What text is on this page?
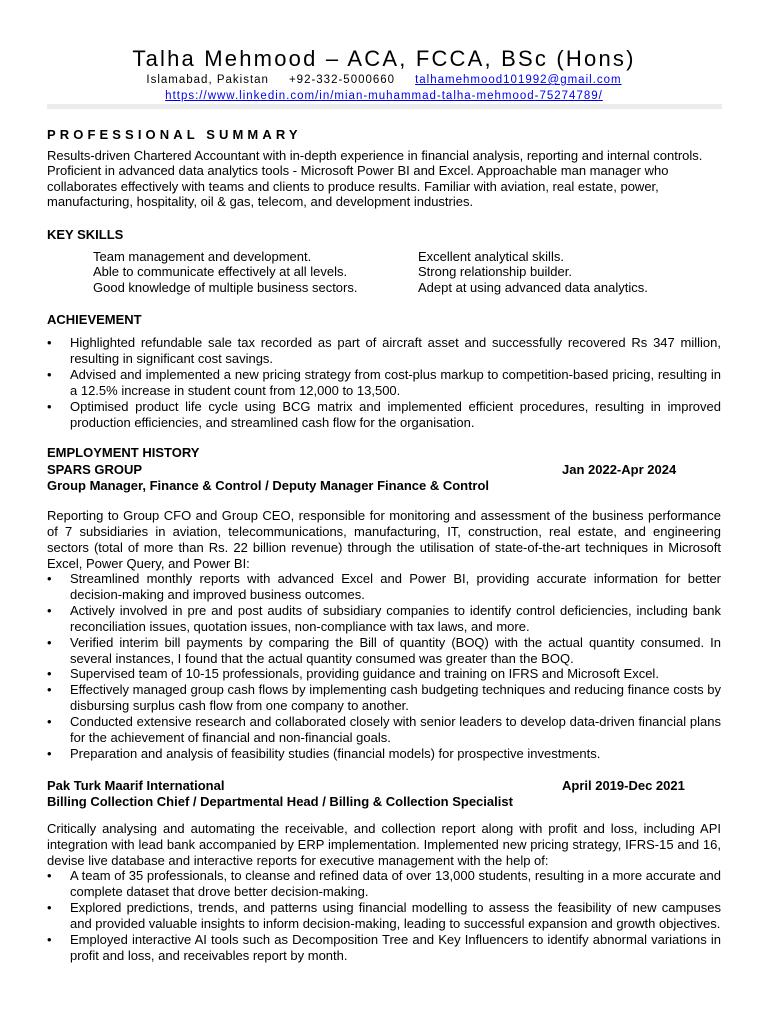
Talha Mehmood – ACA, FCCA, BSc (Hons)
Islamabad, Pakistan +92-332-5000660 talhamehmood101992@gmail.com
https://www.linkedin.com/in/mian-muhammad-talha-mehmood-75274789/
PROFESSIONAL SUMMARY
Results-driven Chartered Accountant with in-depth experience in financial analysis, reporting and internal controls. Proficient in advanced data analytics tools - Microsoft Power BI and Excel. Approachable man manager who collaborates effectively with teams and clients to produce results. Familiar with aviation, real estate, power, manufacturing, hospitality, oil & gas, telecom, and development industries.
KEY SKILLS
Team management and development.	Excellent analytical skills.
Able to communicate effectively at all levels.	Strong relationship builder.
Good knowledge of multiple business sectors.	Adept at using advanced data analytics.
ACHIEVEMENT
• Highlighted refundable sale tax recorded as part of aircraft asset and successfully recovered Rs 347 million, resulting in significant cost savings.
• Advised and implemented a new pricing strategy from cost-plus markup to competition-based pricing, resulting in a 12.5% increase in student count from 12,000 to 13,500.
• Optimised product life cycle using BCG matrix and implemented efficient procedures, resulting in improved production efficiencies, and streamlined cash flow for the organisation.
EMPLOYMENT HISTORY
SPARS GROUP	Jan 2022-Apr 2024
Group Manager, Finance & Control / Deputy Manager Finance & Control
Reporting to Group CFO and Group CEO, responsible for monitoring and assessment of the business performance of 7 subsidiaries in aviation, telecommunications, manufacturing, IT, construction, real estate, and engineering sectors (total of more than Rs. 22 billion revenue) through the utilisation of state-of-the-art techniques in Microsoft Excel, Power Query, and Power BI:
• Streamlined monthly reports with advanced Excel and Power BI, providing accurate information for better decision-making and improved business outcomes.
• Actively involved in pre and post audits of subsidiary companies to identify control deficiencies, including bank reconciliation issues, quotation issues, non-compliance with tax laws, and more.
• Verified interim bill payments by comparing the Bill of quantity (BOQ) with the actual quantity consumed. In several instances, I found that the actual quantity consumed was greater than the BOQ.
• Supervised team of 10-15 professionals, providing guidance and training on IFRS and Microsoft Excel.
• Effectively managed group cash flows by implementing cash budgeting techniques and reducing finance costs by disbursing surplus cash flow from one company to another.
• Conducted extensive research and collaborated closely with senior leaders to develop data-driven financial plans for the achievement of financial and non-financial goals.
• Preparation and analysis of feasibility studies (financial models) for prospective investments.
Pak Turk Maarif International	April 2019-Dec 2021
Billing Collection Chief / Departmental Head / Billing & Collection Specialist
Critically analysing and automating the receivable, and collection report along with profit and loss, including API integration with lead bank accompanied by ERP implementation. Implemented new pricing strategy, IFRS-15 and 16, devise live database and interactive reports for executive management with the help of:
• A team of 35 professionals, to cleanse and refined data of over 13,000 students, resulting in a more accurate and complete dataset that drove better decision-making.
• Explored predictions, trends, and patterns using financial modelling to assess the feasibility of new campuses and provided valuable insights to inform decision-making, leading to successful expansion and growth objectives.
• Employed interactive AI tools such as Decomposition Tree and Key Influencers to identify abnormal variations in profit and loss, and receivables report by month.
